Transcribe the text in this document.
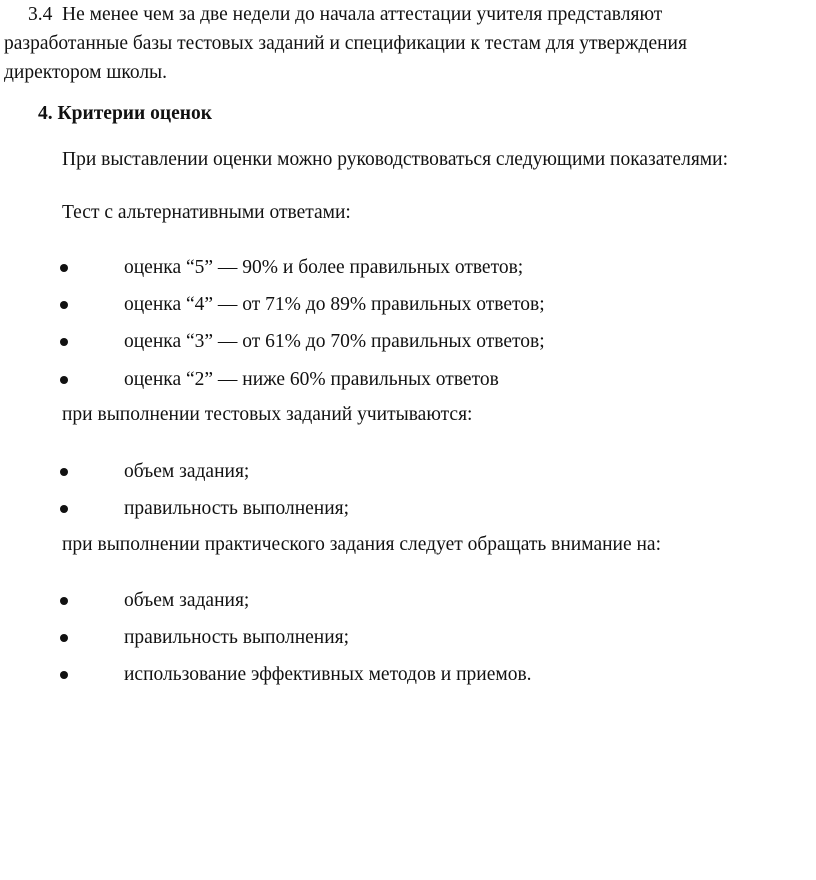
3.4 Не менее чем за две недели до начала аттестации учителя представляют
разработанные базы тестовых заданий и спецификации к тестам для утверждения
директором школы.
4. Критерии оценок
При выставлении оценки можно руководствоваться следующими показателями:
Тест с альтернативными ответами:
оценка “5” — 90% и более правильных ответов;
оценка “4” — от 71% до 89% правильных ответов;
оценка “3” — от 61% до 70% правильных ответов;
оценка “2” — ниже 60% правильных ответов
при выполнении тестовых заданий учитываются:
объем задания;
правильность выполнения;
при выполнении практического задания следует обращать внимание на:
объем задания;
правильность выполнения;
использование эффективных методов и приемов.
